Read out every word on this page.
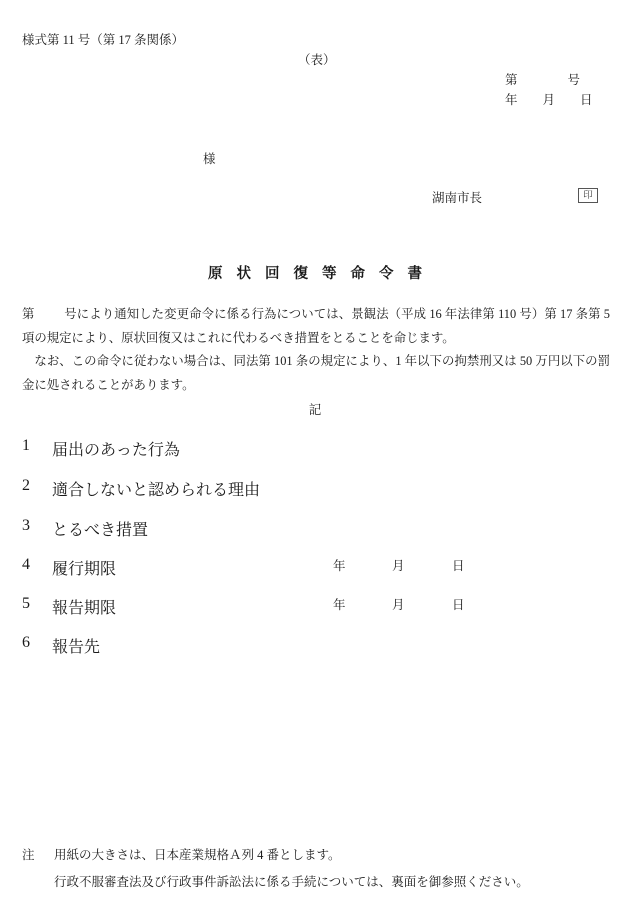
様式第 11 号（第 17 条関係）
（表）
第　　　　号
年　　月　　日
様
湖南市長	印
原状回復等命令書

第 号により通知した変更命令に係る行為については、景観法（平成 16 年法律第 110 号）第 17 条第 5 項の規定により、原状回復又はこれに代わるべき措置をとることを命じます。

なお、この命令に従わない場合は、同法第 101 条の規定により、1 年以下の拘禁刑又は 50 万円以下の罰金に処されることがあります。

記
1 届出のあった行為
2 適合しないと認められる理由
3 とるべき措置
4 履行期限	年	月	日
5 報告期限	年	月	日
6 報告先
注 用紙の大きさは、日本産業規格Ａ列 4 番とします。
行政不服審査法及び行政事件訴訟法に係る手続については、裏面を御参照ください。
